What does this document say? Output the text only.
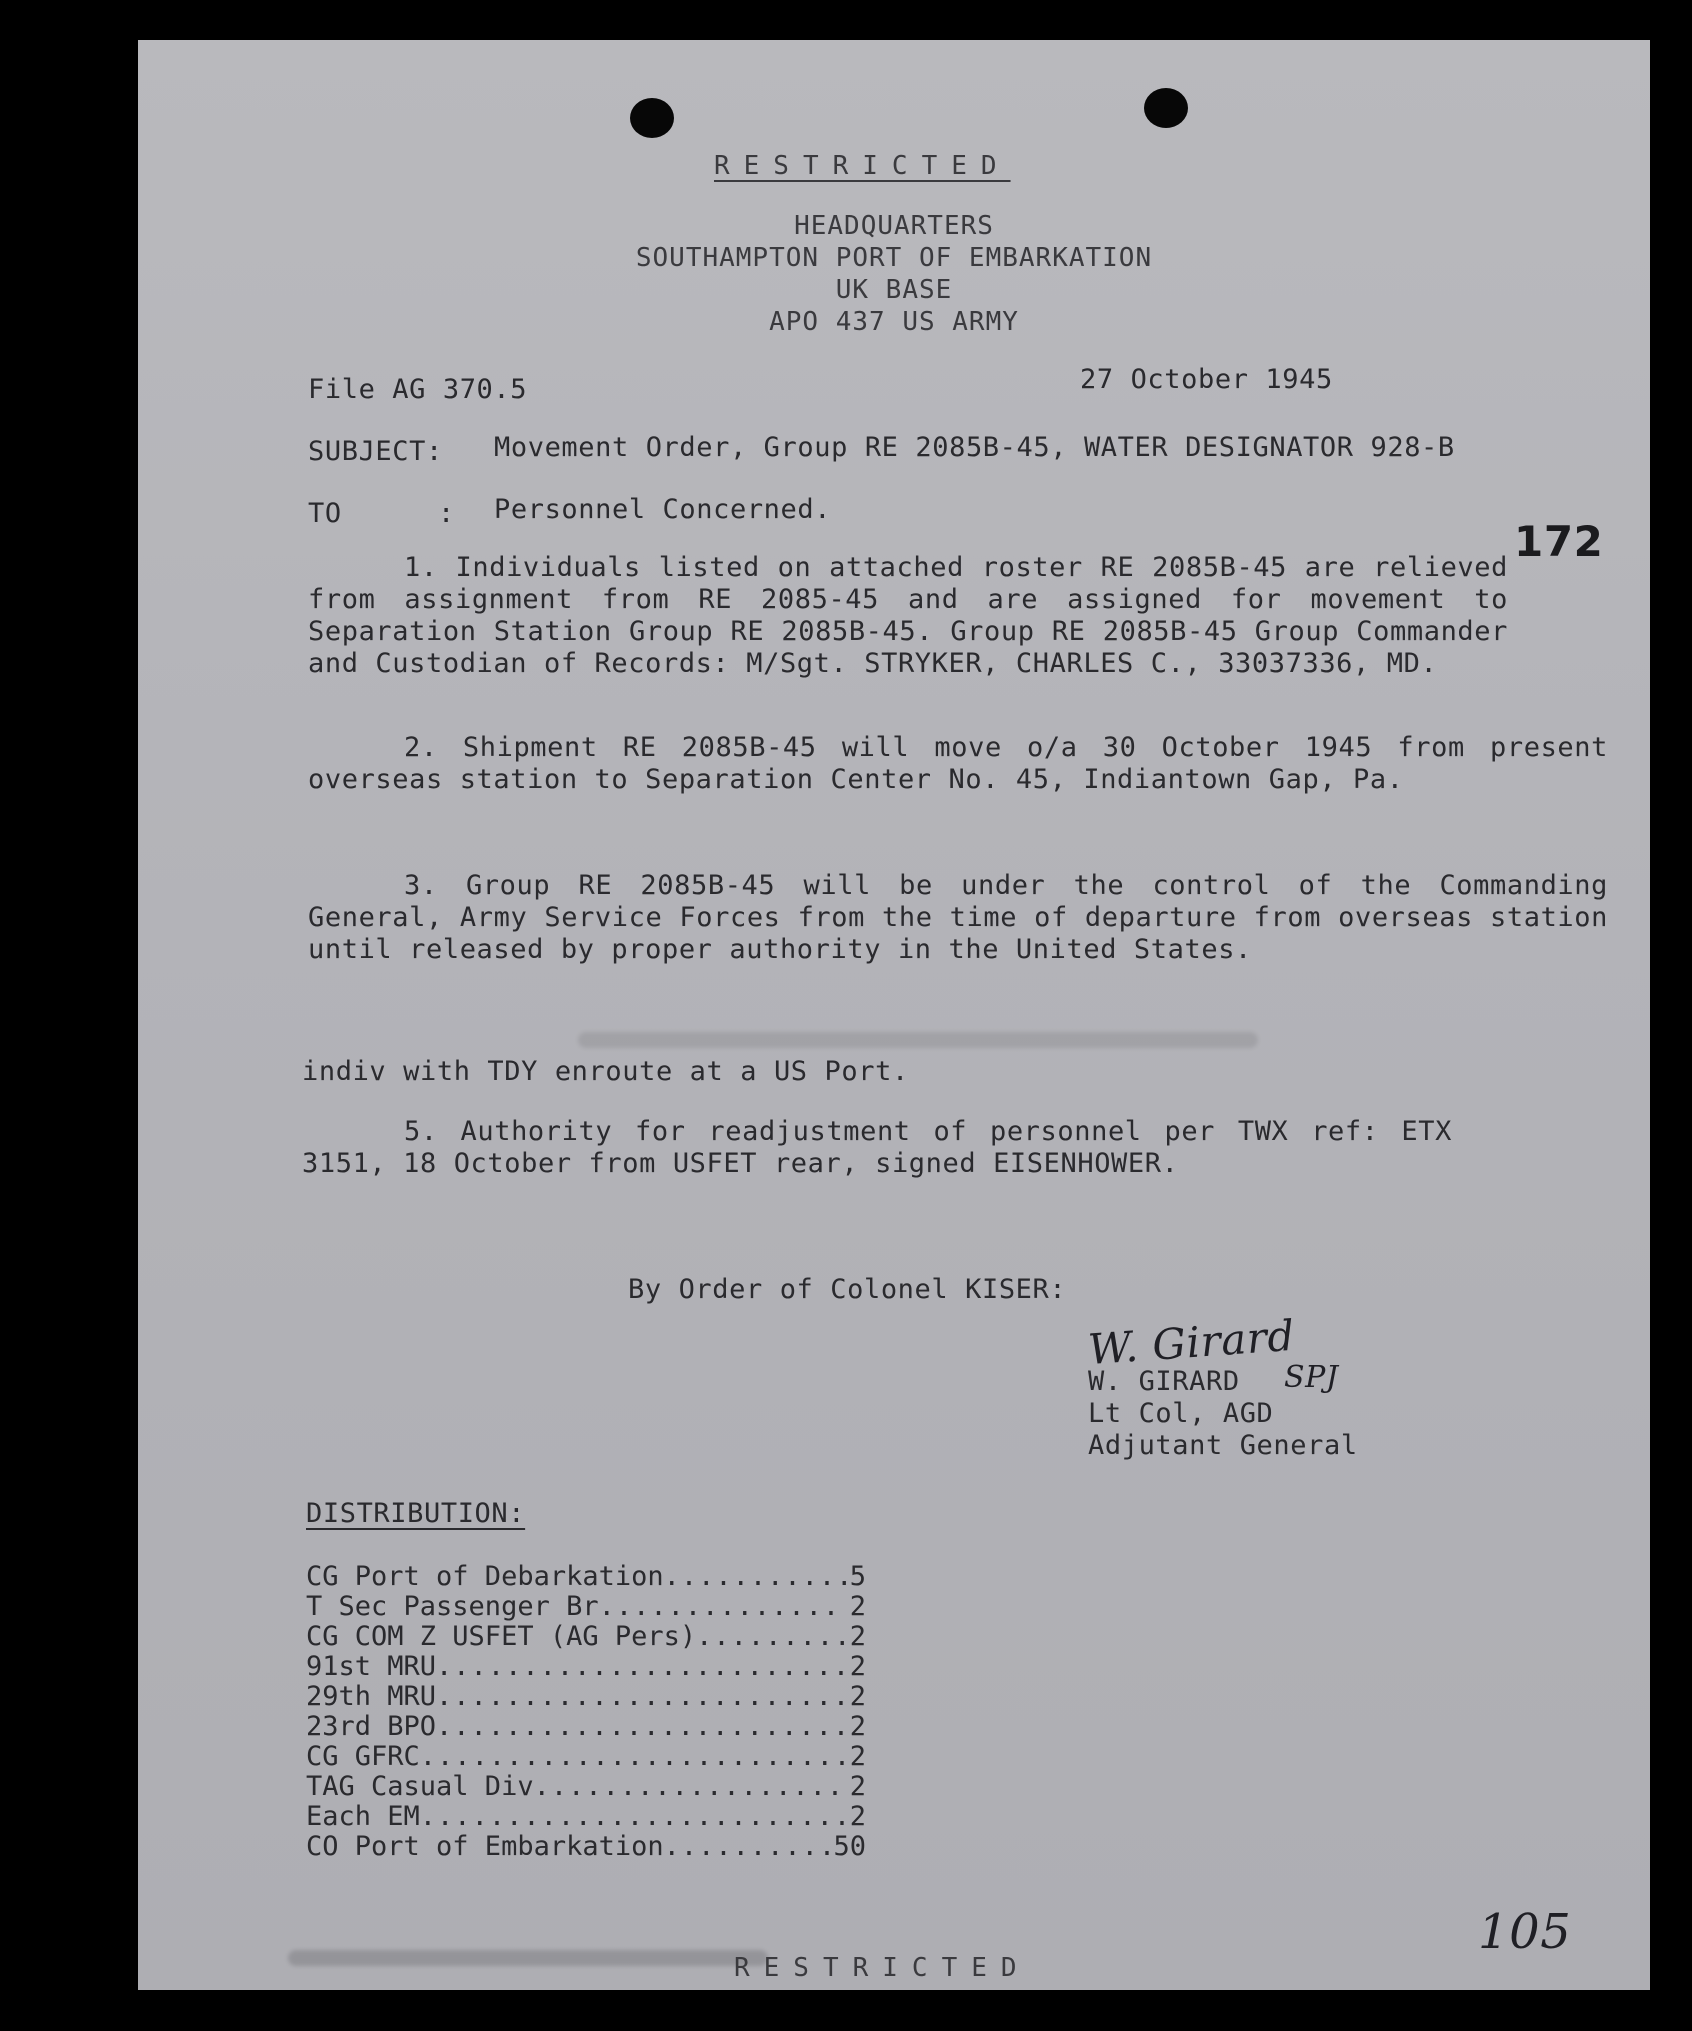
RESTRICTED
HEADQUARTERS
SOUTHAMPTON PORT OF EMBARKATION
UK BASE
APO 437 US ARMY
File AG 370.5	27 October 1945
SUBJECT: Movement Order, Group RE 2085B-45, WATER DESIGNATOR 928-B
TO	: Personnel Concerned.
172
1. Individuals listed on attached roster RE 2085B-45 are relieved from assignment from RE 2085-45 and are assigned for movement to Separation Station Group RE 2085B-45. Group RE 2085B-45 Group Commander and Custodian of Records: M/Sgt. STRYKER, CHARLES C., 33037336, MD.
2. Shipment RE 2085B-45 will move o/a 30 October 1945 from present overseas station to Separation Center No. 45, Indiantown Gap, Pa.
3. Group RE 2085B-45 will be under the control of the Commanding General, Army Service Forces from the time of departure from overseas station until released by proper authority in the United States.
indiv with TDY enroute at a US Port.
5. Authority for readjustment of personnel per TWX ref: ETX 3151, 18 October from USFET rear, signed EISENHOWER.
By Order of Colonel KISER:
W. Girard
W. GIRARD SPJ
Lt Col, AGD
Adjutant General
DISTRIBUTION:
CG Port of Debarkation .....	5
T Sec Passenger Br .....	2
CG COM Z USFET (AG Pers) .....	2
91st MRU .....	2
29th MRU .....	2
23rd BPO .....	2
CG GFRC .....	2
TAG Casual Div .....	2
Each EM .....	2
CO Port of Embarkation .....	50
105
RESTRICTED
